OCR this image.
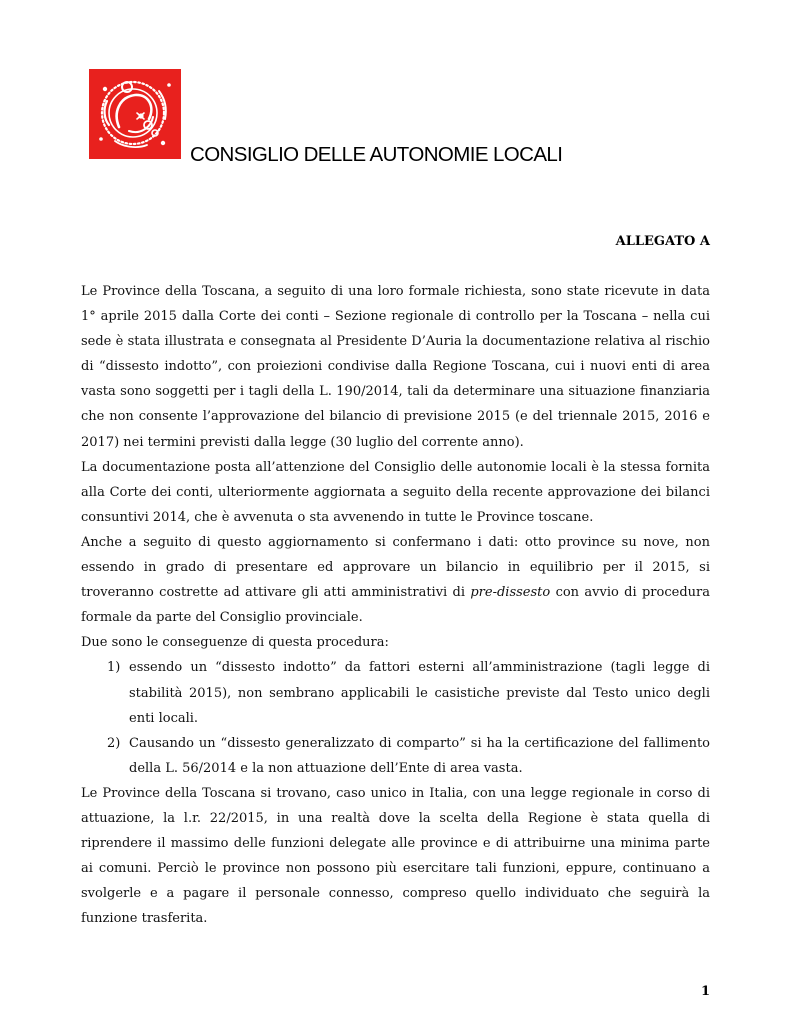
CONSIGLIO DELLE AUTONOMIE LOCALI
ALLEGATO A

Le Province della Toscana, a seguito di una loro formale richiesta, sono state ricevute in data 1° aprile 2015 dalla Corte dei conti – Sezione regionale di controllo per la Toscana – nella cui sede è stata illustrata e consegnata al Presidente D’Auria la documentazione relativa al rischio di “dissesto indotto”, con proiezioni condivise dalla Regione Toscana, cui i nuovi enti di area vasta sono soggetti per i tagli della L. 190/2014, tali da determinare una situazione finanziaria che non consente l’approvazione del bilancio di previsione 2015 (e del triennale 2015, 2016 e 2017) nei termini previsti dalla legge (30 luglio del corrente anno).

La documentazione posta all’attenzione del Consiglio delle autonomie locali è la stessa fornita alla Corte dei conti, ulteriormente aggiornata a seguito della recente approvazione dei bilanci consuntivi 2014, che è avvenuta o sta avvenendo in tutte le Province toscane.

Anche a seguito di questo aggiornamento si confermano i dati: otto province su nove, non essendo in grado di presentare ed approvare un bilancio in equilibrio per il 2015, si troveranno costrette ad attivare gli atti amministrativi di pre-dissesto con avvio di procedura formale da parte del Consiglio provinciale.

Due sono le conseguenze di questa procedura:

1) essendo un “dissesto indotto” da fattori esterni all’amministrazione (tagli legge di stabilità 2015), non sembrano applicabili le casistiche previste dal Testo unico degli enti locali.
2) Causando un “dissesto generalizzato di comparto” si ha la certificazione del fallimento della L. 56/2014 e la non attuazione dell’Ente di area vasta.

Le Province della Toscana si trovano, caso unico in Italia, con una legge regionale in corso di attuazione, la l.r. 22/2015, in una realtà dove la scelta della Regione è stata quella di riprendere il massimo delle funzioni delegate alle province e di attribuirne una minima parte ai comuni. Perciò le province non possono più esercitare tali funzioni, eppure, continuano a svolgerle e a pagare il personale connesso, compreso quello individuato che seguirà la funzione trasferita.

1
